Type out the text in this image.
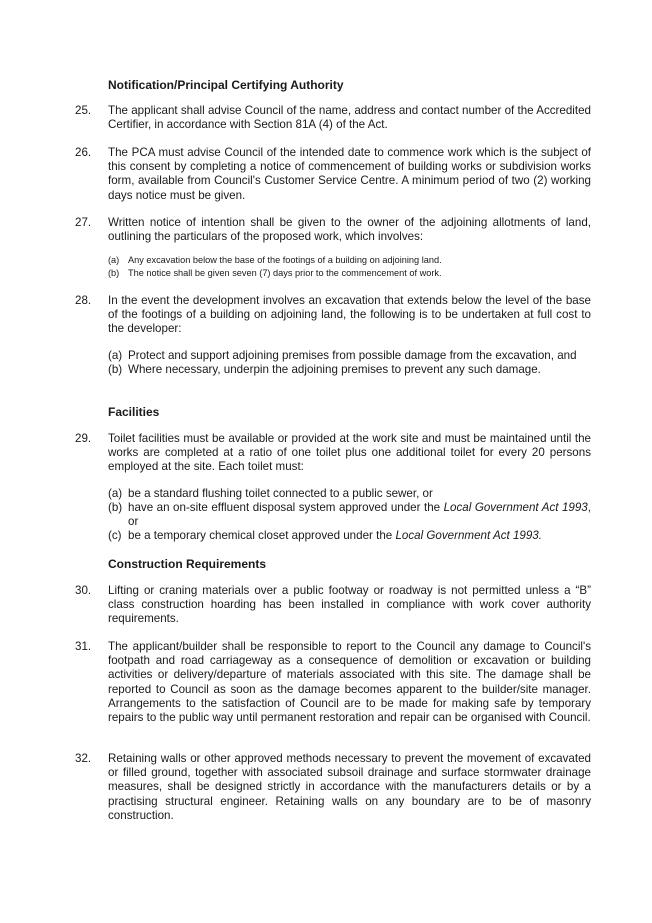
Notification/Principal Certifying Authority
25.	The applicant shall advise Council of the name, address and contact number of the Accredited Certifier, in accordance with Section 81A (4) of the Act.
26.	The PCA must advise Council of the intended date to commence work which is the subject of this consent by completing a notice of commencement of building works or subdivision works form, available from Council's Customer Service Centre. A minimum period of two (2) working days notice must be given.
27.	Written notice of intention shall be given to the owner of the adjoining allotments of land, outlining the particulars of the proposed work, which involves:
(a) Any excavation below the base of the footings of a building on adjoining land.
(b) The notice shall be given seven (7) days prior to the commencement of work.
28.	In the event the development involves an excavation that extends below the level of the base of the footings of a building on adjoining land, the following is to be undertaken at full cost to the developer:
(a) Protect and support adjoining premises from possible damage from the excavation, and
(b) Where necessary, underpin the adjoining premises to prevent any such damage.
Facilities
29.	Toilet facilities must be available or provided at the work site and must be maintained until the works are completed at a ratio of one toilet plus one additional toilet for every 20 persons employed at the site. Each toilet must:
(a) be a standard flushing toilet connected to a public sewer, or
(b) have an on-site effluent disposal system approved under the Local Government Act 1993, or
(c) be a temporary chemical closet approved under the Local Government Act 1993.
Construction Requirements
30.	Lifting or craning materials over a public footway or roadway is not permitted unless a “B” class construction hoarding has been installed in compliance with work cover authority requirements.
31.	The applicant/builder shall be responsible to report to the Council any damage to Council's footpath and road carriageway as a consequence of demolition or excavation or building activities or delivery/departure of materials associated with this site. The damage shall be reported to Council as soon as the damage becomes apparent to the builder/site manager. Arrangements to the satisfaction of Council are to be made for making safe by temporary repairs to the public way until permanent restoration and repair can be organised with Council.
32.	Retaining walls or other approved methods necessary to prevent the movement of excavated or filled ground, together with associated subsoil drainage and surface stormwater drainage measures, shall be designed strictly in accordance with the manufacturers details or by a practising structural engineer. Retaining walls on any boundary are to be of masonry construction.
